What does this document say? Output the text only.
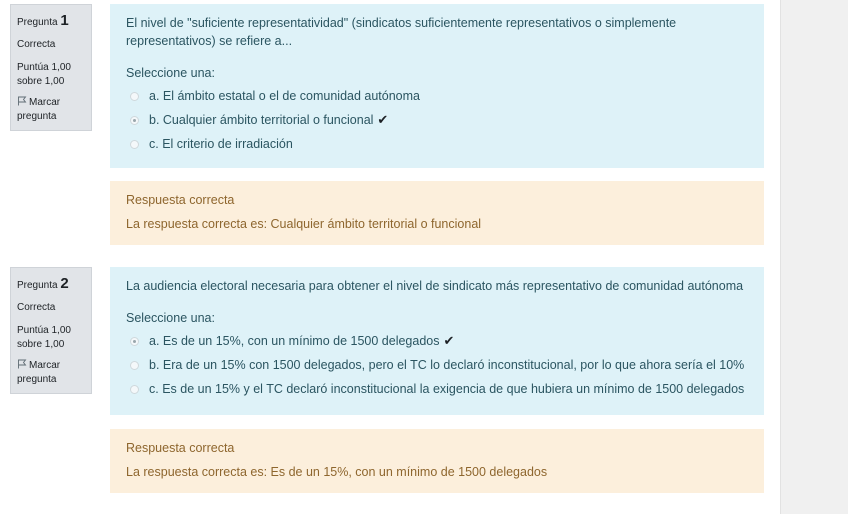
Pregunta 1
Correcta
Puntúa 1,00
sobre 1,00
Marcar
pregunta
El nivel de "suficiente representatividad" (sindicatos suficientemente representativos o simplemente representativos) se refiere a...
Seleccione una:
a. El ámbito estatal o el de comunidad autónoma
b. Cualquier ámbito territorial o funcional ✔
c. El criterio de irradiación
Respuesta correcta
La respuesta correcta es: Cualquier ámbito territorial o funcional
Pregunta 2
Correcta
Puntúa 1,00
sobre 1,00
Marcar
pregunta
La audiencia electoral necesaria para obtener el nivel de sindicato más representativo de comunidad autónoma
Seleccione una:
a. Es de un 15%, con un mínimo de 1500 delegados ✔
b. Era de un 15% con 1500 delegados, pero el TC lo declaró inconstitucional, por lo que ahora sería el 10%
c. Es de un 15% y el TC declaró inconstitucional la exigencia de que hubiera un mínimo de 1500 delegados
Respuesta correcta
La respuesta correcta es: Es de un 15%, con un mínimo de 1500 delegados
